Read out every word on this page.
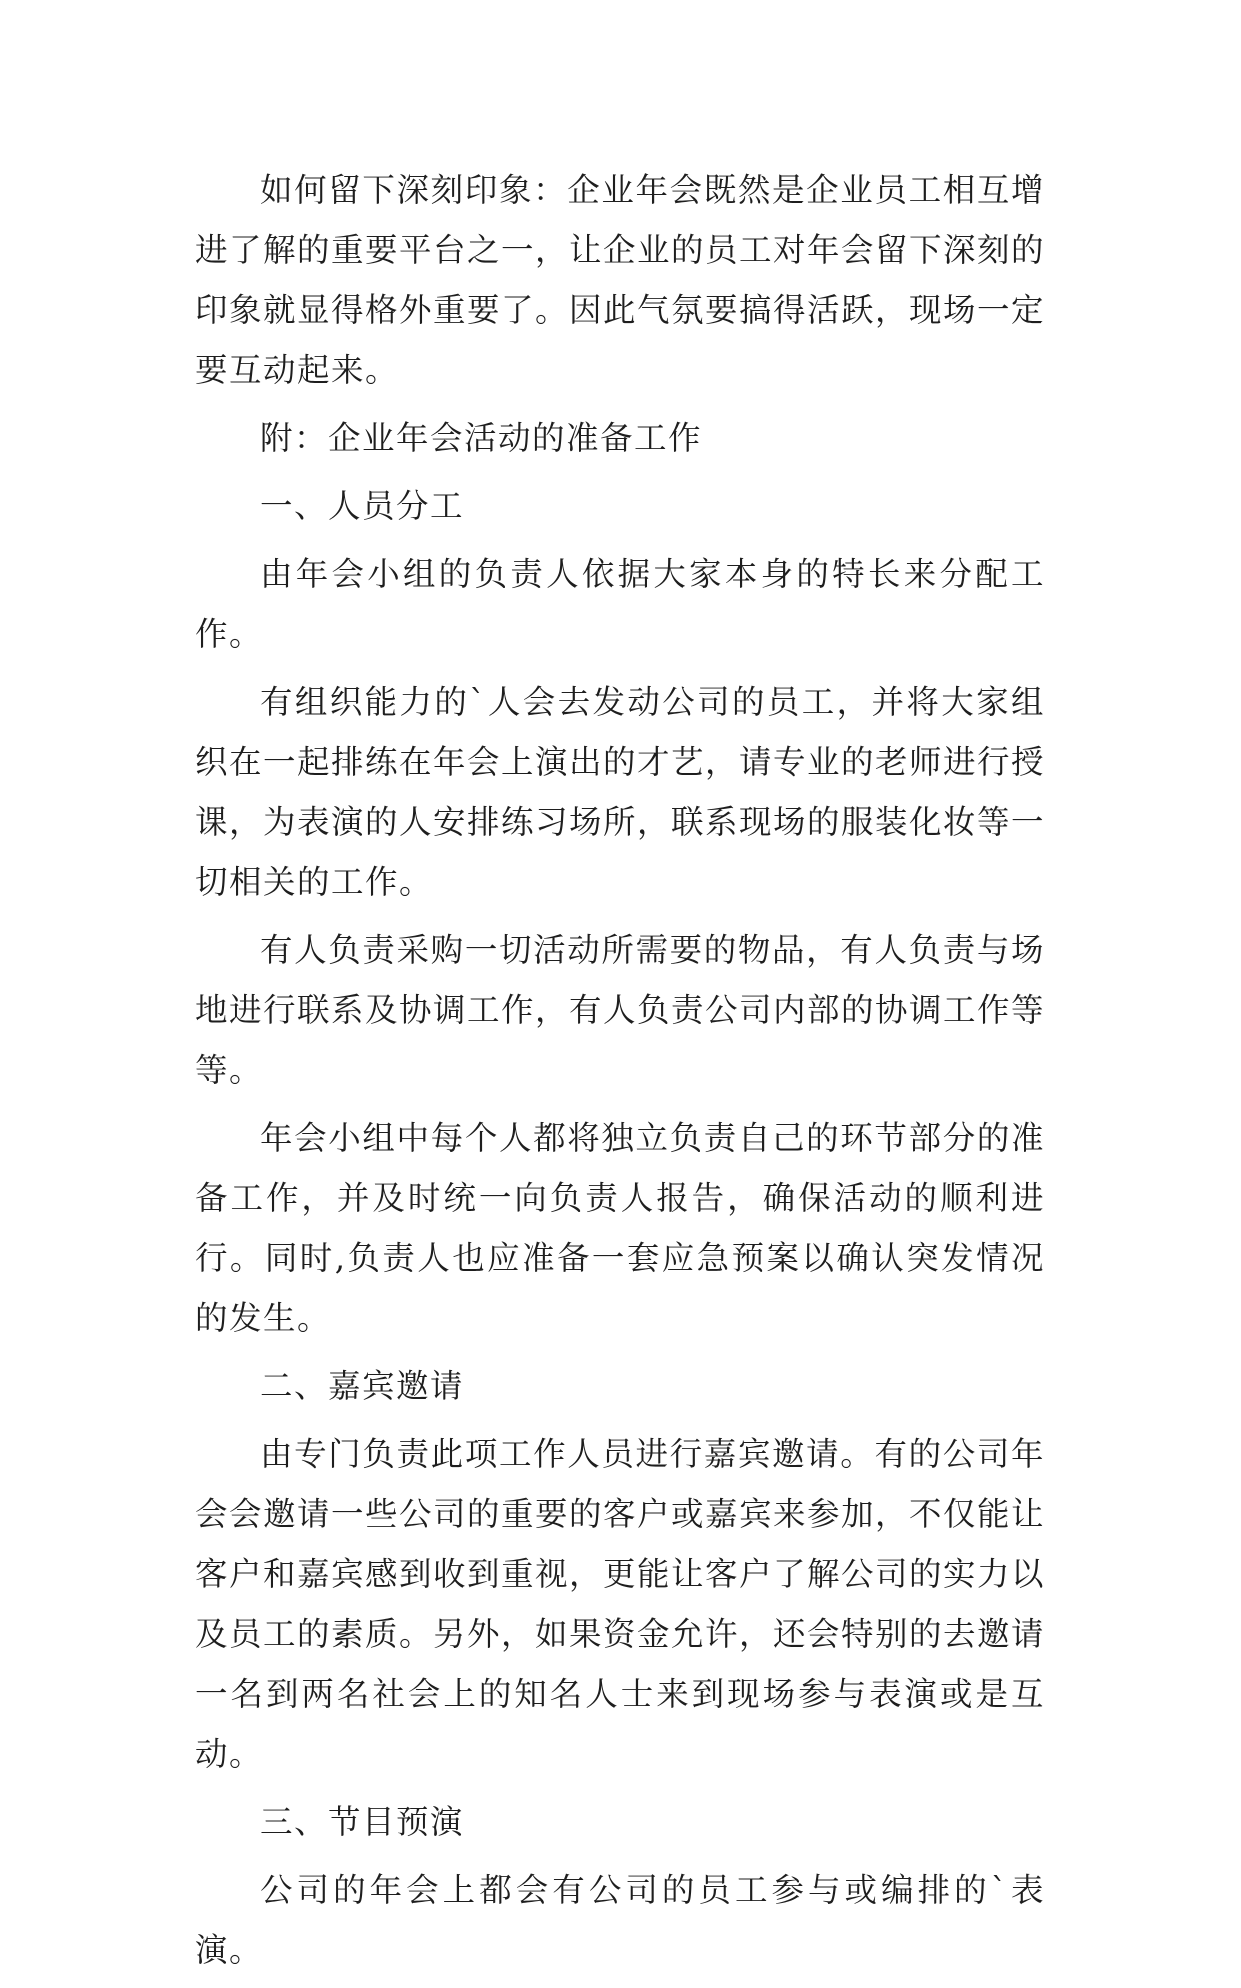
如何留下深刻印象：企业年会既然是企业员工相互增进了解的重要平台之一，让企业的员工对年会留下深刻的印象就显得格外重要了。因此气氛要搞得活跃，现场一定要互动起来。

附：企业年会活动的准备工作

一、人员分工

由年会小组的负责人依据大家本身的特长来分配工作。

有组织能力的`人会去发动公司的员工，并将大家组织在一起排练在年会上演出的才艺，请专业的老师进行授课，为表演的人安排练习场所，联系现场的服装化妆等一切相关的工作。

有人负责采购一切活动所需要的物品，有人负责与场地进行联系及协调工作，有人负责公司内部的协调工作等等。

年会小组中每个人都将独立负责自己的环节部分的准备工作，并及时统一向负责人报告，确保活动的顺利进行。同时,负责人也应准备一套应急预案以确认突发情况的发生。

二、嘉宾邀请

由专门负责此项工作人员进行嘉宾邀请。有的公司年会会邀请一些公司的重要的客户或嘉宾来参加，不仅能让客户和嘉宾感到收到重视，更能让客户了解公司的实力以及员工的素质。另外，如果资金允许，还会特别的去邀请一名到两名社会上的知名人士来到现场参与表演或是互动。

三、节目预演

公司的年会上都会有公司的员工参与或编排的`表演。
